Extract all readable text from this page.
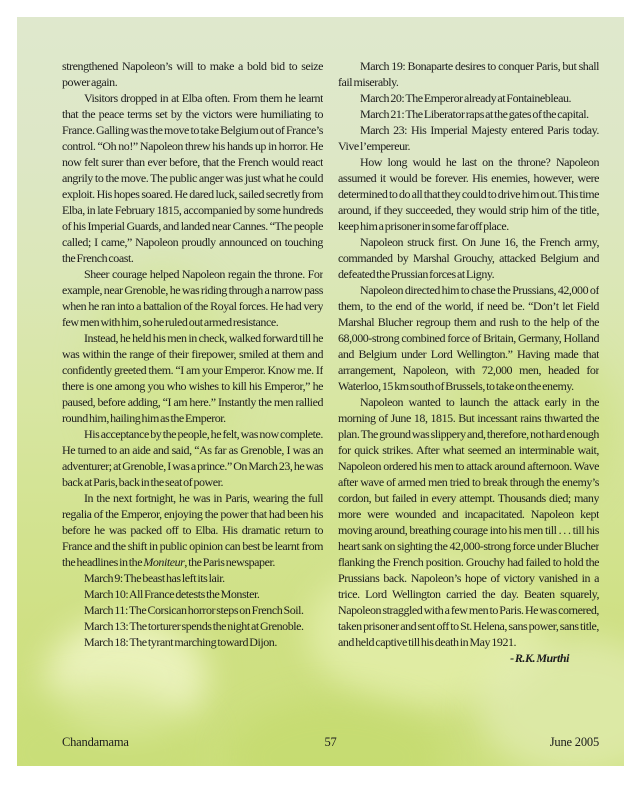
strengthened Napoleon’s will to make a bold bid to seize power again.

Visitors dropped in at Elba often. From them he learnt that the peace terms set by the victors were humiliating to France. Galling was the move to take Belgium out of France’s control. “Oh no!” Napoleon threw his hands up in horror. He now felt surer than ever before, that the French would react angrily to the move. The public anger was just what he could exploit. His hopes soared. He dared luck, sailed secretly from Elba, in late February 1815, accompanied by some hundreds of his Imperial Guards, and landed near Cannes. “The people called; I came,” Napoleon proudly announced on touching the French coast.

Sheer courage helped Napoleon regain the throne. For example, near Grenoble, he was riding through a narrow pass when he ran into a battalion of the Royal forces. He had very few men with him, so he ruled out armed resistance.

Instead, he held his men in check, walked forward till he was within the range of their firepower, smiled at them and confidently greeted them. “I am your Emperor. Know me. If there is one among you who wishes to kill his Emperor,” he paused, before adding, “I am here.” Instantly the men rallied round him, hailing him as the Emperor.

His acceptance by the people, he felt, was now complete. He turned to an aide and said, “As far as Grenoble, I was an adventurer; at Grenoble, I was a prince.” On March 23, he was back at Paris, back in the seat of power.

In the next fortnight, he was in Paris, wearing the full regalia of the Emperor, enjoying the power that had been his before he was packed off to Elba. His dramatic return to France and the shift in public opinion can best be learnt from the headlines in the Moniteur, the Paris newspaper.

March 9: The beast has left its lair.

March 10: All France detests the Monster.

March 11: The Corsican horror steps on French Soil.

March 13: The torturer spends the night at Grenoble.

March 18: The tyrant marching toward Dijon.

March 19: Bonaparte desires to conquer Paris, but shall fail miserably.

March 20: The Emperor already at Fontainebleau.

March 21: The Liberator raps at the gates of the capital.

March 23: His Imperial Majesty entered Paris today. Vive l’empereur.

How long would he last on the throne? Napoleon assumed it would be forever. His enemies, however, were determined to do all that they could to drive him out. This time around, if they succeeded, they would strip him of the title, keep him a prisoner in some far off place.

Napoleon struck first. On June 16, the French army, commanded by Marshal Grouchy, attacked Belgium and defeated the Prussian forces at Ligny.

Napoleon directed him to chase the Prussians, 42,000 of them, to the end of the world, if need be. “Don’t let Field Marshal Blucher regroup them and rush to the help of the 68,000-strong combined force of Britain, Germany, Holland and Belgium under Lord Wellington.” Having made that arrangement, Napoleon, with 72,000 men, headed for Waterloo, 15 km south of Brussels, to take on the enemy.

Napoleon wanted to launch the attack early in the morning of June 18, 1815. But incessant rains thwarted the plan. The ground was slippery and, therefore, not hard enough for quick strikes. After what seemed an interminable wait, Napoleon ordered his men to attack around afternoon. Wave after wave of armed men tried to break through the enemy’s cordon, but failed in every attempt. Thousands died; many more were wounded and incapacitated. Napoleon kept moving around, breathing courage into his men till . . . till his heart sank on sighting the 42,000-strong force under Blucher flanking the French position. Grouchy had failed to hold the Prussians back. Napoleon’s hope of victory vanished in a trice. Lord Wellington carried the day. Beaten squarely, Napoleon straggled with a few men to Paris. He was cornered, taken prisoner and sent off to St. Helena, sans power, sans title, and held captive till his death in May 1921.

- R.K. Murthi

Chandamama	57	June 2005
